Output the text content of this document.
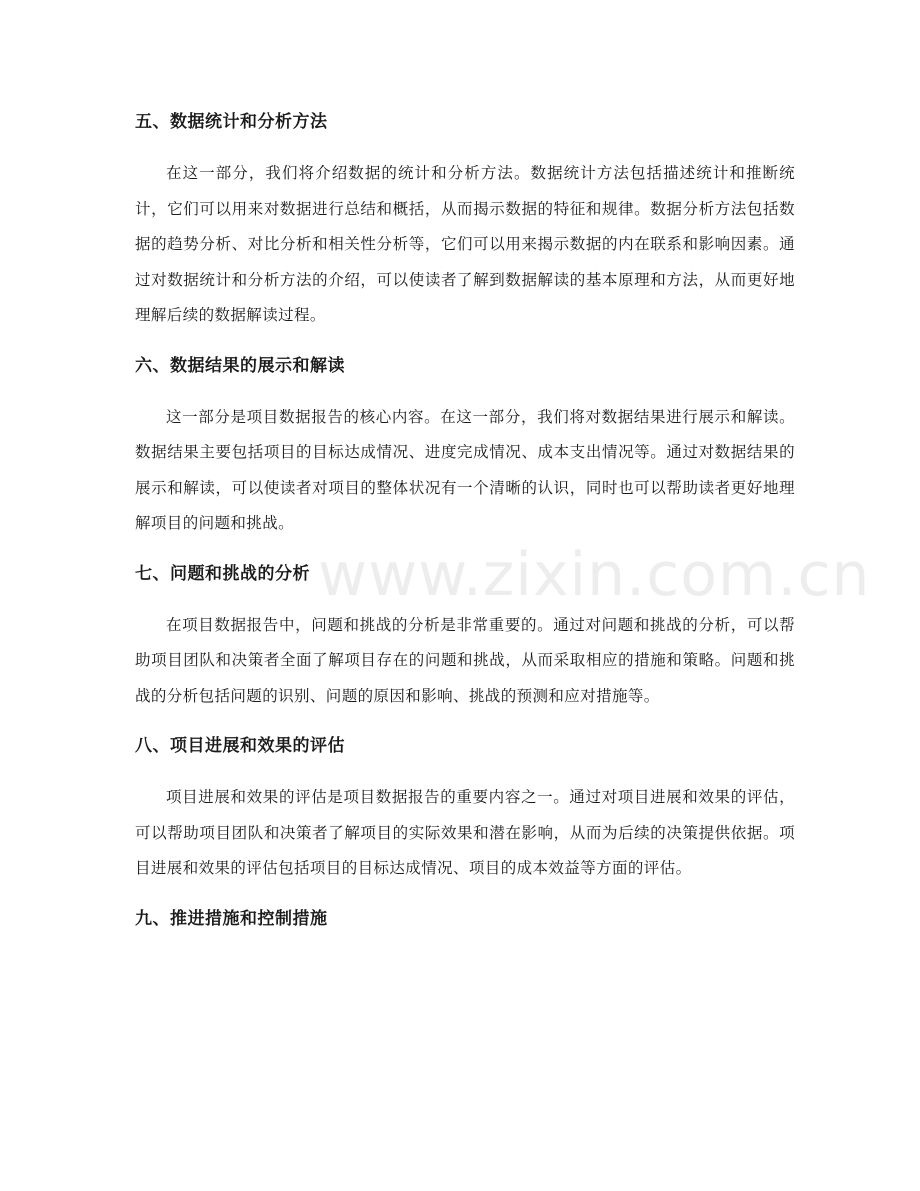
五、数据统计和分析方法
在这一部分，我们将介绍数据的统计和分析方法。数据统计方法包括描述统计和推断统计，它们可以用来对数据进行总结和概括，从而揭示数据的特征和规律。数据分析方法包括数据的趋势分析、对比分析和相关性分析等，它们可以用来揭示数据的内在联系和影响因素。通过对数据统计和分析方法的介绍，可以使读者了解到数据解读的基本原理和方法，从而更好地理解后续的数据解读过程。
六、数据结果的展示和解读
这一部分是项目数据报告的核心内容。在这一部分，我们将对数据结果进行展示和解读。数据结果主要包括项目的目标达成情况、进度完成情况、成本支出情况等。通过对数据结果的展示和解读，可以使读者对项目的整体状况有一个清晰的认识，同时也可以帮助读者更好地理解项目的问题和挑战。
七、问题和挑战的分析
在项目数据报告中，问题和挑战的分析是非常重要的。通过对问题和挑战的分析，可以帮助项目团队和决策者全面了解项目存在的问题和挑战，从而采取相应的措施和策略。问题和挑战的分析包括问题的识别、问题的原因和影响、挑战的预测和应对措施等。
八、项目进展和效果的评估
项目进展和效果的评估是项目数据报告的重要内容之一。通过对项目进展和效果的评估，可以帮助项目团队和决策者了解项目的实际效果和潜在影响，从而为后续的决策提供依据。项目进展和效果的评估包括项目的目标达成情况、项目的成本效益等方面的评估。
九、推进措施和控制措施
www.zixin.com.cn
